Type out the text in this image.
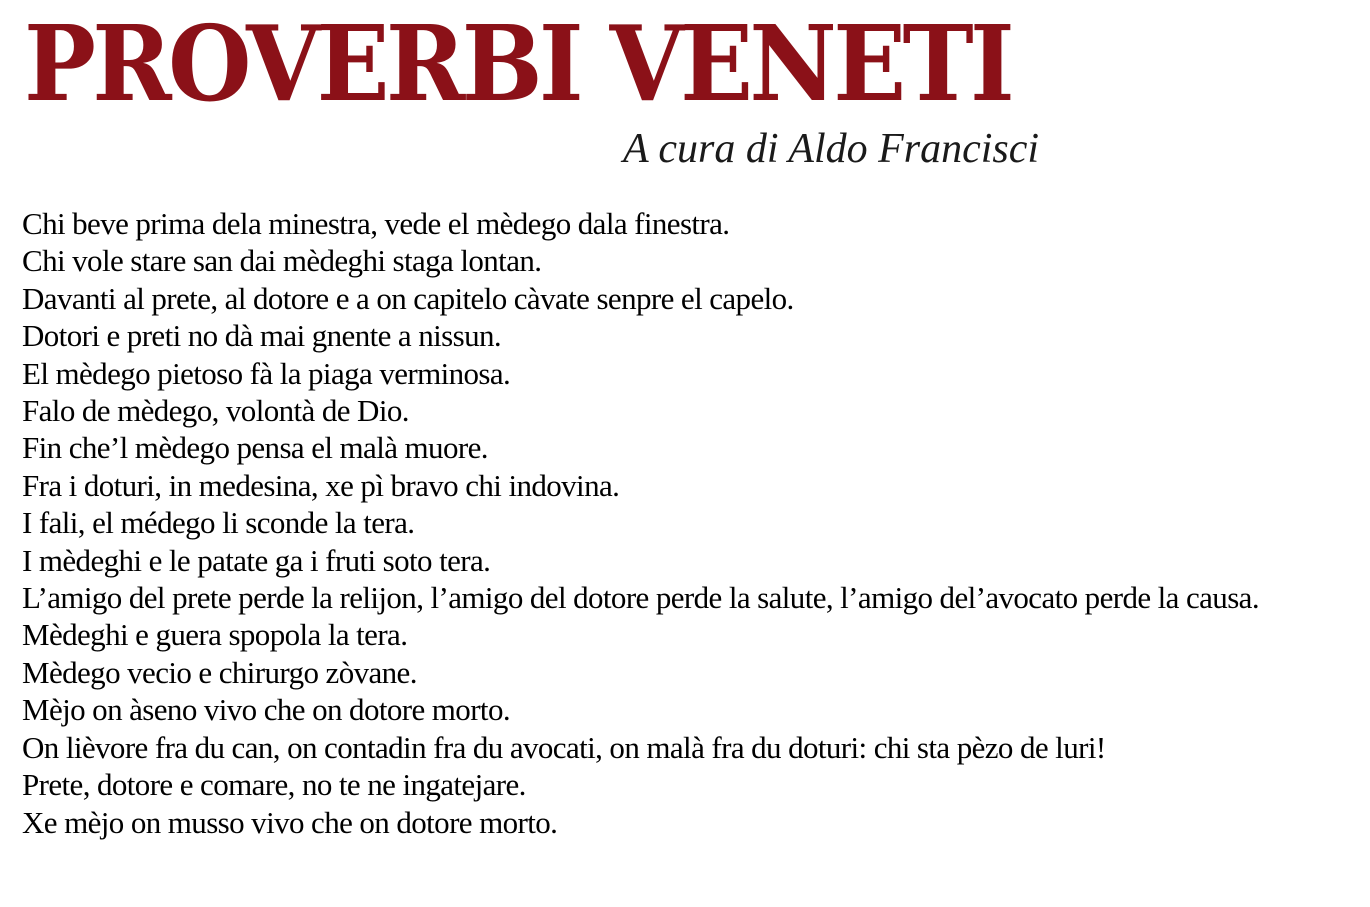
PROVERBI VENETI

A cura di Aldo Francisci

Chi beve prima dela minestra, vede el mèdego dala finestra.
Chi vole stare san dai mèdeghi staga lontan.
Davanti al prete, al dotore e a on capitelo càvate senpre el capelo.
Dotori e preti no dà mai gnente a nissun.
El mèdego pietoso fà la piaga verminosa.
Falo de mèdego, volontà de Dio.
Fin che’l mèdego pensa el malà muore.
Fra i doturi, in medesina, xe pì bravo chi indovina.
I fali, el médego li sconde la tera.
I mèdeghi e le patate ga i fruti soto tera.
L’amigo del prete perde la relijon, l’amigo del dotore perde la salute, l’amigo del’avocato perde la causa.
Mèdeghi e guera spopola la tera.
Mèdego vecio e chirurgo zòvane.
Mèjo on àseno vivo che on dotore morto.
On lièvore fra du can, on contadin fra du avocati, on malà fra du doturi: chi sta pèzo de luri!
Prete, dotore e comare, no te ne ingatejare.
Xe mèjo on musso vivo che on dotore morto.
